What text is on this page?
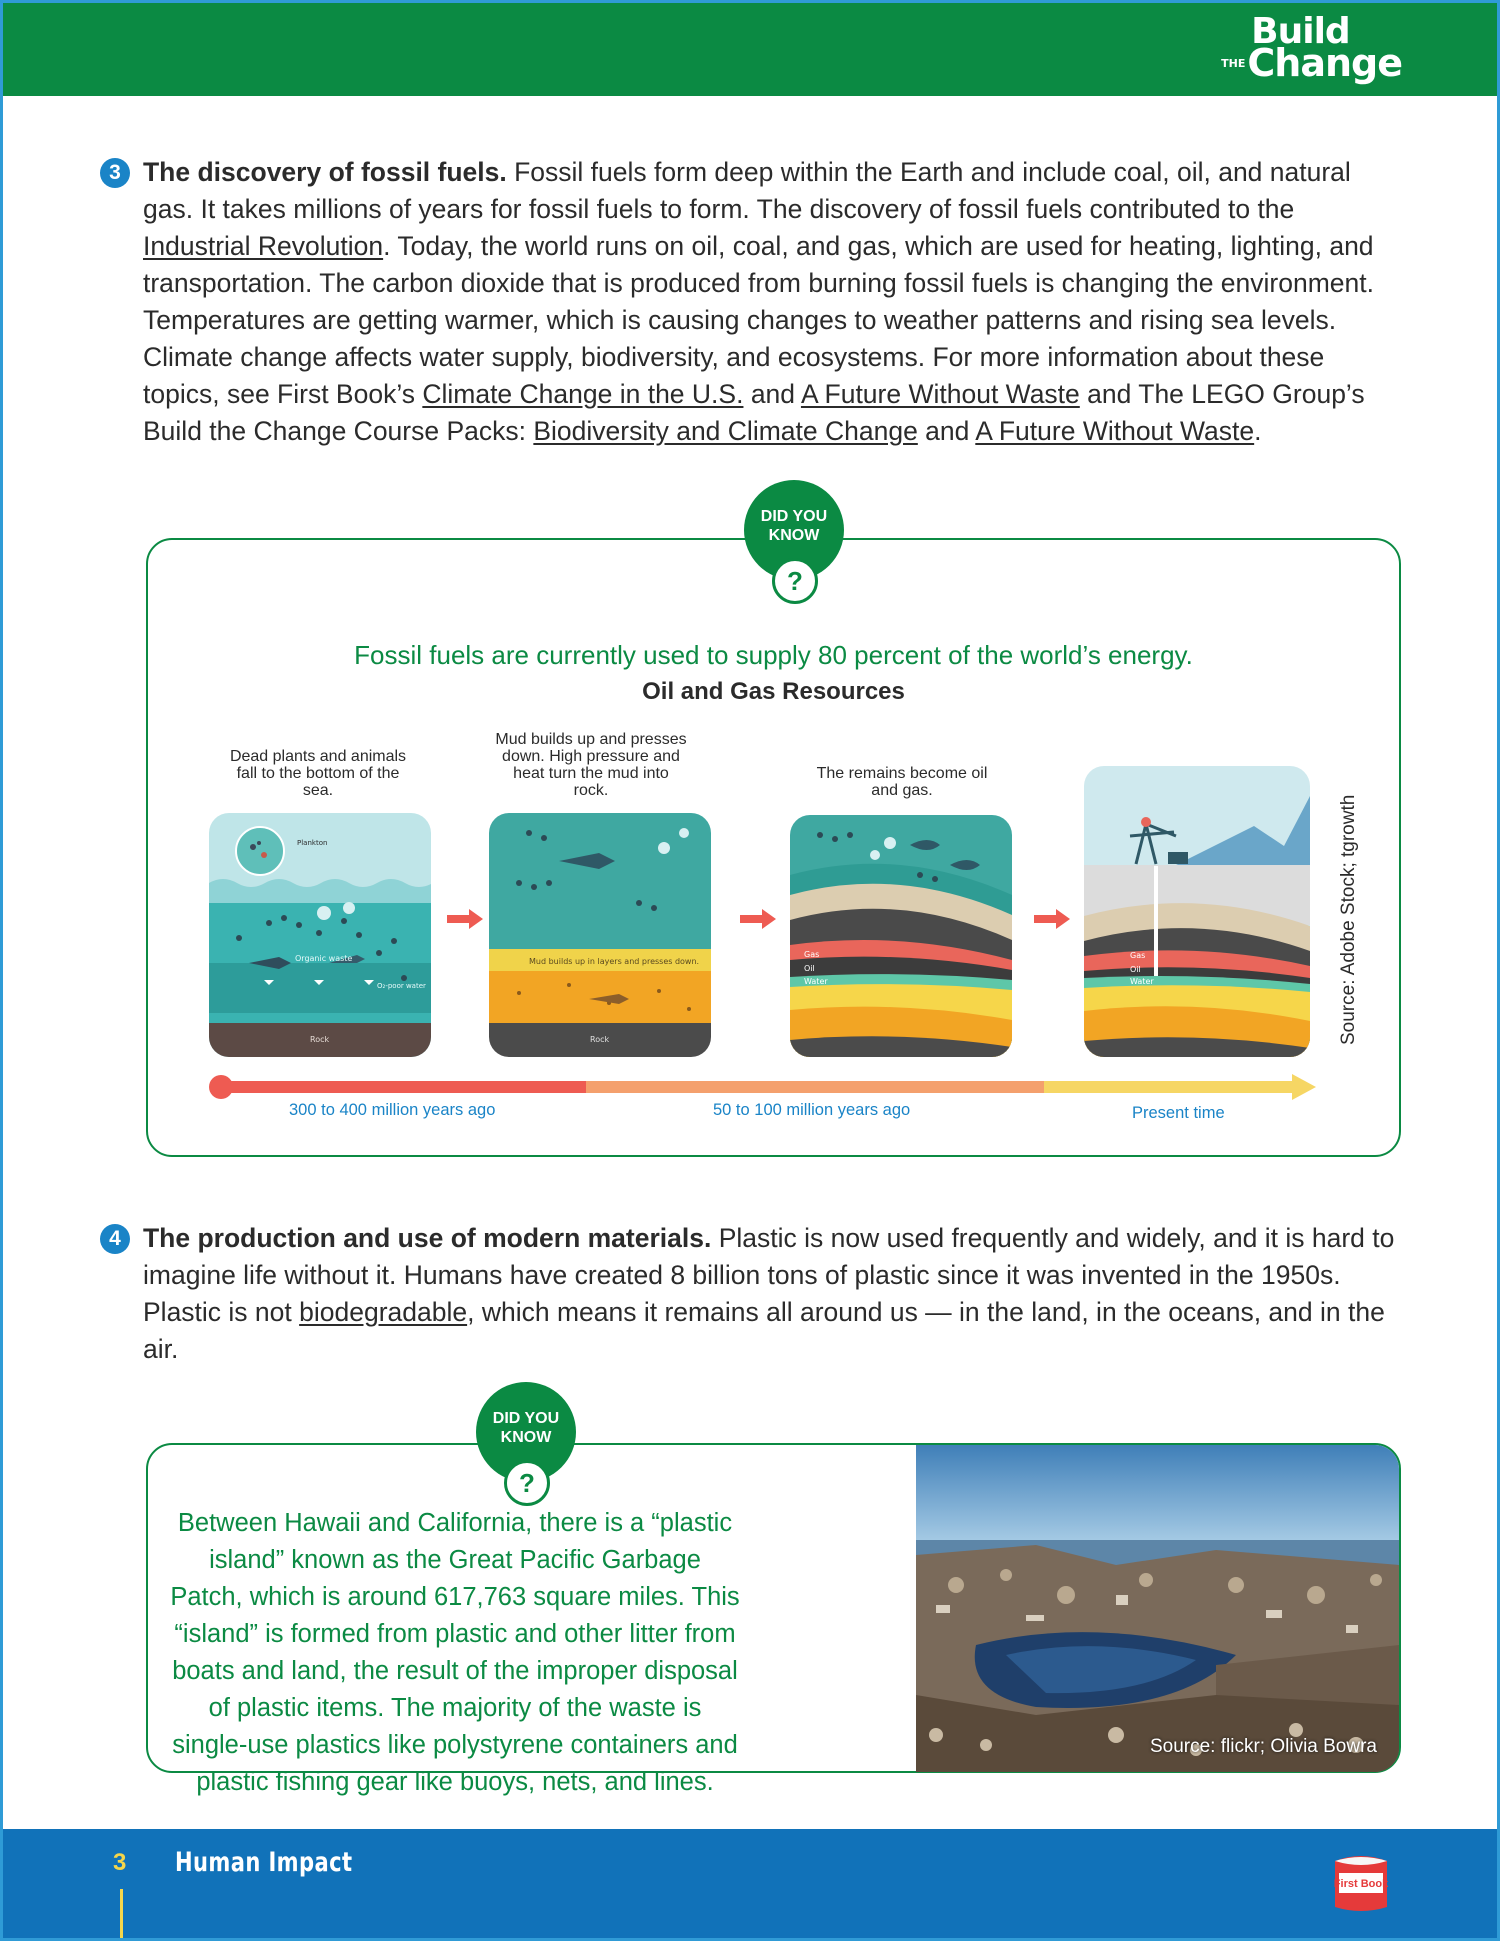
Build
THE Change
3 The discovery of fossil fuels. Fossil fuels form deep within the Earth and include coal, oil, and natural gas. It takes millions of years for fossil fuels to form. The discovery of fossil fuels contributed to the Industrial Revolution. Today, the world runs on oil, coal, and gas, which are used for heating, lighting, and transportation. The carbon dioxide that is produced from burning fossil fuels is changing the environment. Temperatures are getting warmer, which is causing changes to weather patterns and rising sea levels. Climate change affects water supply, biodiversity, and ecosystems. For more information about these topics, see First Book’s Climate Change in the U.S. and A Future Without Waste and The LEGO Group’s Build the Change Course Packs: Biodiversity and Climate Change and A Future Without Waste.

Fossil fuels are currently used to supply 80 percent of the world’s energy.
Oil and Gas Resources
DID YOU
KNOW
?
Dead plants and animals fall to the bottom of the sea.
Mud builds up and presses down. High pressure and heat turn the mud into rock.
The remains become oil and gas.
Plankton
Organic waste
O₂-poor water
Rock
Mud builds up in layers and presses down.
Rock
Gas
Oil
Water
Gas
Oil
Water	Source: Adobe Stock; tgrowth
300 to 400 million years ago	50 to 100 million years ago	Present time
4 The production and use of modern materials. Plastic is now used frequently and widely, and it is hard to imagine life without it. Humans have created 8 billion tons of plastic since it was invented in the 1950s. Plastic is not biodegradable, which means it remains all around us — in the land, in the oceans, and in the air.

Between Hawaii and California, there is a “plastic island” known as the Great Pacific Garbage Patch, which is around 617,763 square miles. This “island” is formed from plastic and other litter from boats and land, the result of the improper disposal of plastic items. The majority of the waste is single-use plastics like polystyrene containers and plastic fishing gear like buoys, nets, and lines.
Source: flickr; Olivia Bowra
DID YOU
KNOW
?
3 Human Impact
First Book
